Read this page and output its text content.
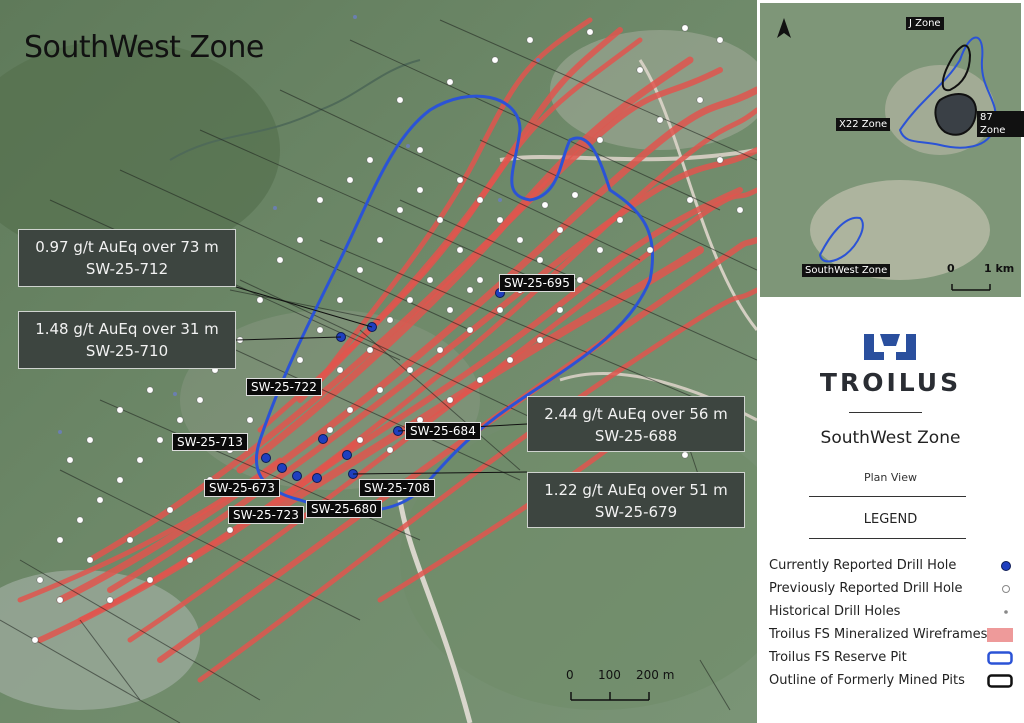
SouthWest Zone
0.97 g/t AuEq over 73 m
SW-25-712
1.48 g/t AuEq over 31 m
SW-25-710
2.44 g/t AuEq over 56 m
SW-25-688
1.22 g/t AuEq over 51 m
SW-25-679
SW-25-695
SW-25-722
SW-25-684
SW-25-713
SW-25-673	SW-25-708
SW-25-723	SW-25-680
0 100 200 m
J Zone
87 Zone
X22 Zone
SouthWest Zone	0	1 km
TROILUS
SouthWest Zone
Plan View
LEGEND
Currently Reported Drill Hole
Previously Reported Drill Hole
Historical Drill Holes
Troilus FS Mineralized Wireframes
Troilus FS Reserve Pit
Outline of Formerly Mined Pits
